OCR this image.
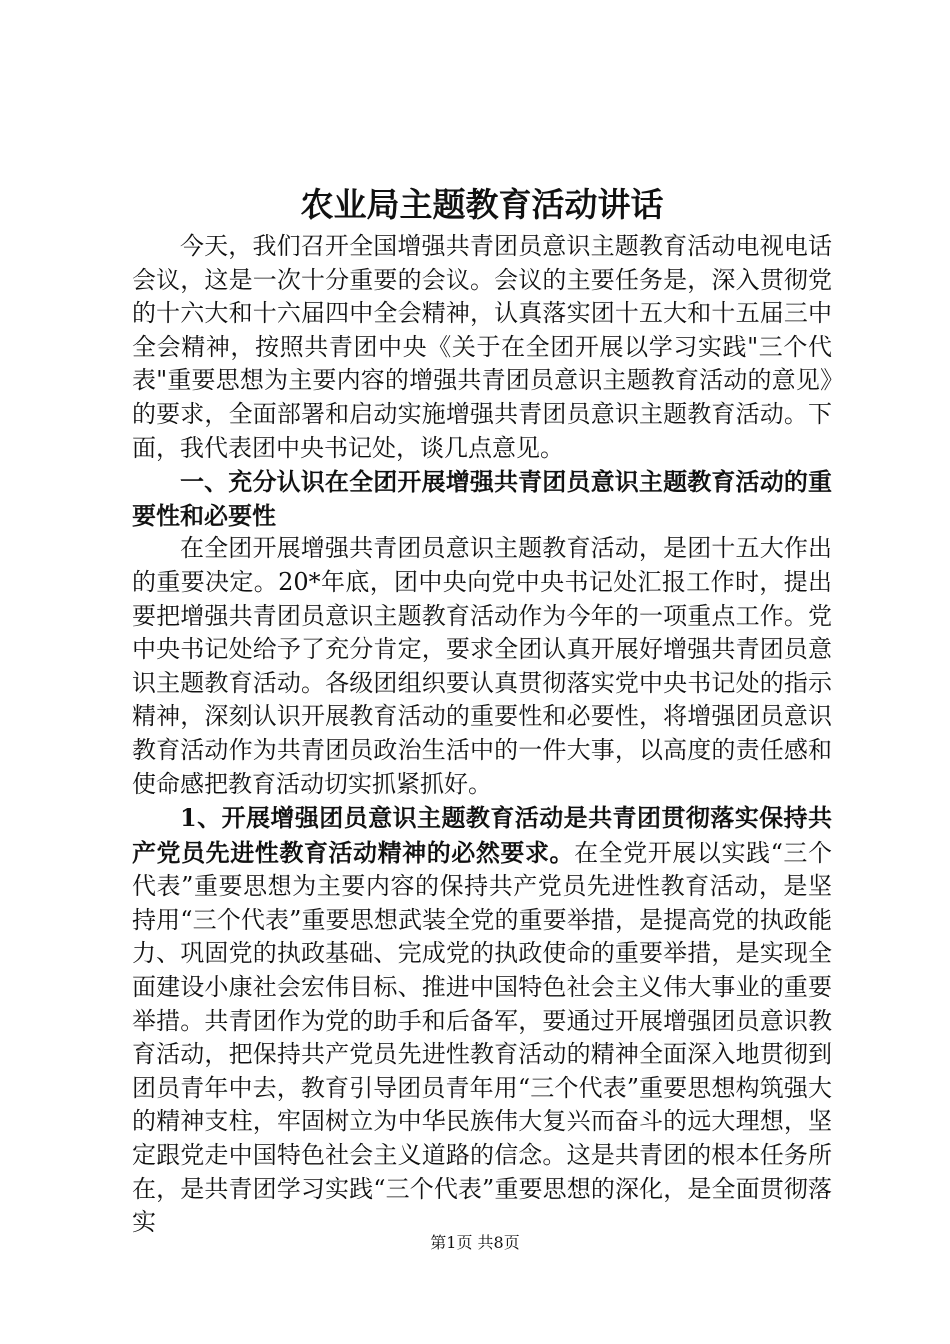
农业局主题教育活动讲话

今天，我们召开全国增强共青团员意识主题教育活动电视电话会议，这是一次十分重要的会议。会议的主要任务是，深入贯彻党的十六大和十六届四中全会精神，认真落实团十五大和十五届三中全会精神，按照共青团中央《关于在全团开展以学习实践"三个代表"重要思想为主要内容的增强共青团员意识主题教育活动的意见》的要求，全面部署和启动实施增强共青团员意识主题教育活动。下面，我代表团中央书记处，谈几点意见。

一、充分认识在全团开展增强共青团员意识主题教育活动的重要性和必要性

在全团开展增强共青团员意识主题教育活动，是团十五大作出的重要决定。20*年底，团中央向党中央书记处汇报工作时，提出要把增强共青团员意识主题教育活动作为今年的一项重点工作。党中央书记处给予了充分肯定，要求全团认真开展好增强共青团员意识主题教育活动。各级团组织要认真贯彻落实党中央书记处的指示精神，深刻认识开展教育活动的重要性和必要性，将增强团员意识教育活动作为共青团员政治生活中的一件大事，以高度的责任感和使命感把教育活动切实抓紧抓好。

1、开展增强团员意识主题教育活动是共青团贯彻落实保持共产党员先进性教育活动精神的必然要求。在全党开展以实践“三个代表”重要思想为主要内容的保持共产党员先进性教育活动，是坚持用“三个代表”重要思想武装全党的重要举措，是提高党的执政能力、巩固党的执政基础、完成党的执政使命的重要举措，是实现全面建设小康社会宏伟目标、推进中国特色社会主义伟大事业的重要举措。共青团作为党的助手和后备军，要通过开展增强团员意识教育活动，把保持共产党员先进性教育活动的精神全面深入地贯彻到团员青年中去，教育引导团员青年用“三个代表”重要思想构筑强大的精神支柱，牢固树立为中华民族伟大复兴而奋斗的远大理想，坚定跟党走中国特色社会主义道路的信念。这是共青团的根本任务所在，是共青团学习实践“三个代表”重要思想的深化，是全面贯彻落实

第1页 共8页
